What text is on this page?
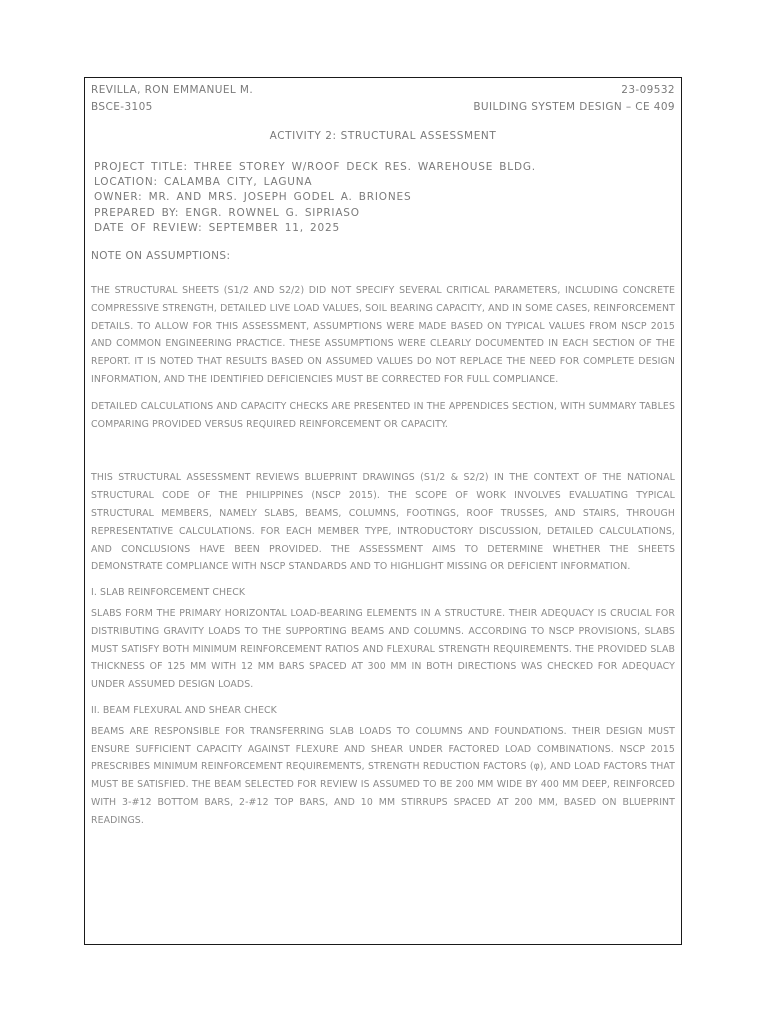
REVILLA, RON EMMANUEL M.	23-09532
BSCE-3105	BUILDING SYSTEM DESIGN – CE 409
ACTIVITY 2: STRUCTURAL ASSESSMENT
PROJECT TITLE: THREE STOREY W/ROOF DECK RES. WAREHOUSE BLDG.
LOCATION: CALAMBA CITY, LAGUNA
OWNER: MR. AND MRS. JOSEPH GODEL A. BRIONES
PREPARED BY: ENGR. ROWNEL G. SIPRIASO
DATE OF REVIEW: SEPTEMBER 11, 2025
NOTE ON ASSUMPTIONS:

THE STRUCTURAL SHEETS (S1/2 AND S2/2) DID NOT SPECIFY SEVERAL CRITICAL PARAMETERS, INCLUDING CONCRETE COMPRESSIVE STRENGTH, DETAILED LIVE LOAD VALUES, SOIL BEARING CAPACITY, AND IN SOME CASES, REINFORCEMENT DETAILS. TO ALLOW FOR THIS ASSESSMENT, ASSUMPTIONS WERE MADE BASED ON TYPICAL VALUES FROM NSCP 2015 AND COMMON ENGINEERING PRACTICE. THESE ASSUMPTIONS WERE CLEARLY DOCUMENTED IN EACH SECTION OF THE REPORT. IT IS NOTED THAT RESULTS BASED ON ASSUMED VALUES DO NOT REPLACE THE NEED FOR COMPLETE DESIGN INFORMATION, AND THE IDENTIFIED DEFICIENCIES MUST BE CORRECTED FOR FULL COMPLIANCE.

DETAILED CALCULATIONS AND CAPACITY CHECKS ARE PRESENTED IN THE APPENDICES SECTION, WITH SUMMARY TABLES COMPARING PROVIDED VERSUS REQUIRED REINFORCEMENT OR CAPACITY.

THIS STRUCTURAL ASSESSMENT REVIEWS BLUEPRINT DRAWINGS (S1/2 & S2/2) IN THE CONTEXT OF THE NATIONAL STRUCTURAL CODE OF THE PHILIPPINES (NSCP 2015). THE SCOPE OF WORK INVOLVES EVALUATING TYPICAL STRUCTURAL MEMBERS, NAMELY SLABS, BEAMS, COLUMNS, FOOTINGS, ROOF TRUSSES, AND STAIRS, THROUGH REPRESENTATIVE CALCULATIONS. FOR EACH MEMBER TYPE, INTRODUCTORY DISCUSSION, DETAILED CALCULATIONS, AND CONCLUSIONS HAVE BEEN PROVIDED. THE ASSESSMENT AIMS TO DETERMINE WHETHER THE SHEETS DEMONSTRATE COMPLIANCE WITH NSCP STANDARDS AND TO HIGHLIGHT MISSING OR DEFICIENT INFORMATION.

I. SLAB REINFORCEMENT CHECK

SLABS FORM THE PRIMARY HORIZONTAL LOAD-BEARING ELEMENTS IN A STRUCTURE. THEIR ADEQUACY IS CRUCIAL FOR DISTRIBUTING GRAVITY LOADS TO THE SUPPORTING BEAMS AND COLUMNS. ACCORDING TO NSCP PROVISIONS, SLABS MUST SATISFY BOTH MINIMUM REINFORCEMENT RATIOS AND FLEXURAL STRENGTH REQUIREMENTS. THE PROVIDED SLAB THICKNESS OF 125 MM WITH 12 MM BARS SPACED AT 300 MM IN BOTH DIRECTIONS WAS CHECKED FOR ADEQUACY UNDER ASSUMED DESIGN LOADS.

II. BEAM FLEXURAL AND SHEAR CHECK

BEAMS ARE RESPONSIBLE FOR TRANSFERRING SLAB LOADS TO COLUMNS AND FOUNDATIONS. THEIR DESIGN MUST ENSURE SUFFICIENT CAPACITY AGAINST FLEXURE AND SHEAR UNDER FACTORED LOAD COMBINATIONS. NSCP 2015 PRESCRIBES MINIMUM REINFORCEMENT REQUIREMENTS, STRENGTH REDUCTION FACTORS (φ), AND LOAD FACTORS THAT MUST BE SATISFIED. THE BEAM SELECTED FOR REVIEW IS ASSUMED TO BE 200 MM WIDE BY 400 MM DEEP, REINFORCED WITH 3-#12 BOTTOM BARS, 2-#12 TOP BARS, AND 10 MM STIRRUPS SPACED AT 200 MM, BASED ON BLUEPRINT READINGS.
